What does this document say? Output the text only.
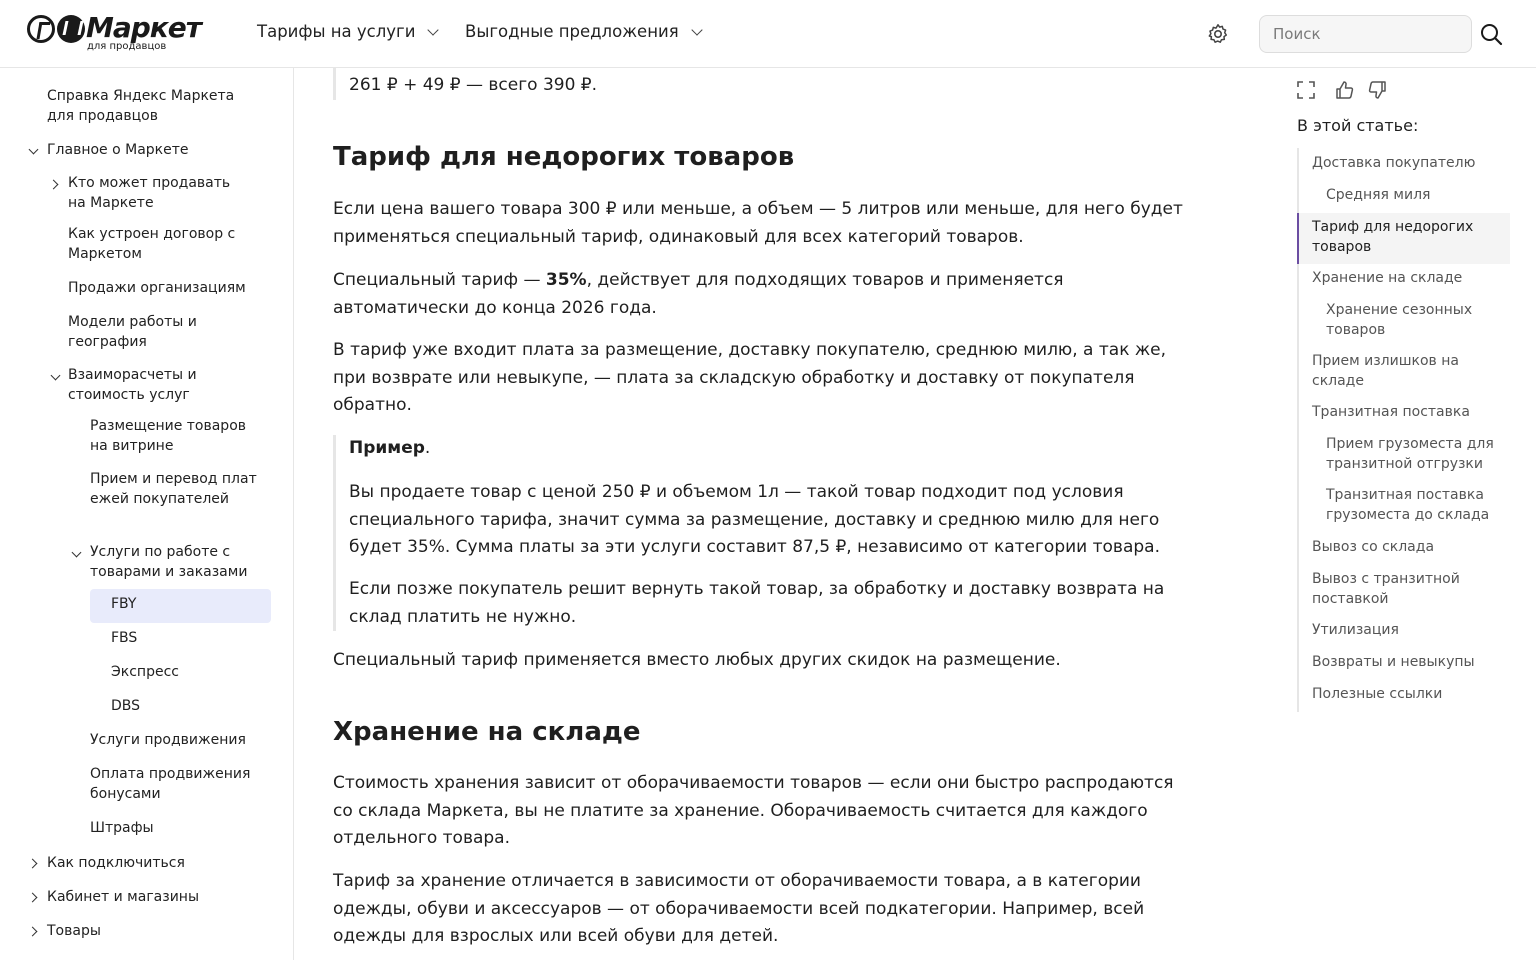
Маркет
для продавцов
Тарифы на услуги	Выгодные предложения
Поиск
Справка Яндекс Маркета для продавцов
Главное о Маркете
Кто может продавать на Маркете
Как устроен договор с Маркетом
Продажи организациям
Модели работы и география
Взаиморасчеты и стоимость услуг
Размещение товаров на витрине
Прием и перевод платежей покупателей
Услуги по работе с товарами и заказами
FBY
FBS
Экспресс
DBS
Услуги продвижения
Оплата продвижения бонусами
Штрафы
Как подключиться
Кабинет и магазины
Товары
261 ₽ + 49 ₽ — всего 390 ₽.
Тариф для недорогих товаров
Если цена вашего товара 300 ₽ или меньше, а объем — 5 литров или меньше, для него будет применяться специальный тариф, одинаковый для всех категорий товаров.
Специальный тариф — 35%, действует для подходящих товаров и применяется автоматически до конца 2026 года.
В тариф уже входит плата за размещение, доставку покупателю, среднюю милю, а так же, при возврате или невыкупе, — плата за складскую обработку и доставку от покупателя обратно.
Пример.
Вы продаете товар с ценой 250 ₽ и объемом 1л — такой товар подходит под условия специального тарифа, значит сумма за размещение, доставку и среднюю милю для него будет 35%. Сумма платы за эти услуги составит 87,5 ₽, независимо от категории товара.
Если позже покупатель решит вернуть такой товар, за обработку и доставку возврата на склад платить не нужно.
Специальный тариф применяется вместо любых других скидок на размещение.
Хранение на складе
Стоимость хранения зависит от оборачиваемости товаров — если они быстро распродаются со склада Маркета, вы не платите за хранение. Оборачиваемость считается для каждого отдельного товара.
Тариф за хранение отличается в зависимости от оборачиваемости товара, а в категории одежды, обуви и аксессуаров — от оборачиваемости всей подкатегории. Например, всей одежды для взрослых или всей обуви для детей.
В этой статье:
Доставка покупателю
Средняя миля
Тариф для недорогих товаров
Хранение на складе
Хранение сезонных товаров
Прием излишков на складе
Транзитная поставка
Прием грузоместа для транзитной отгрузки
Транзитная поставка грузоместа до склада
Вывоз со склада
Вывоз с транзитной поставкой
Утилизация
Возвраты и невыкупы
Полезные ссылки
